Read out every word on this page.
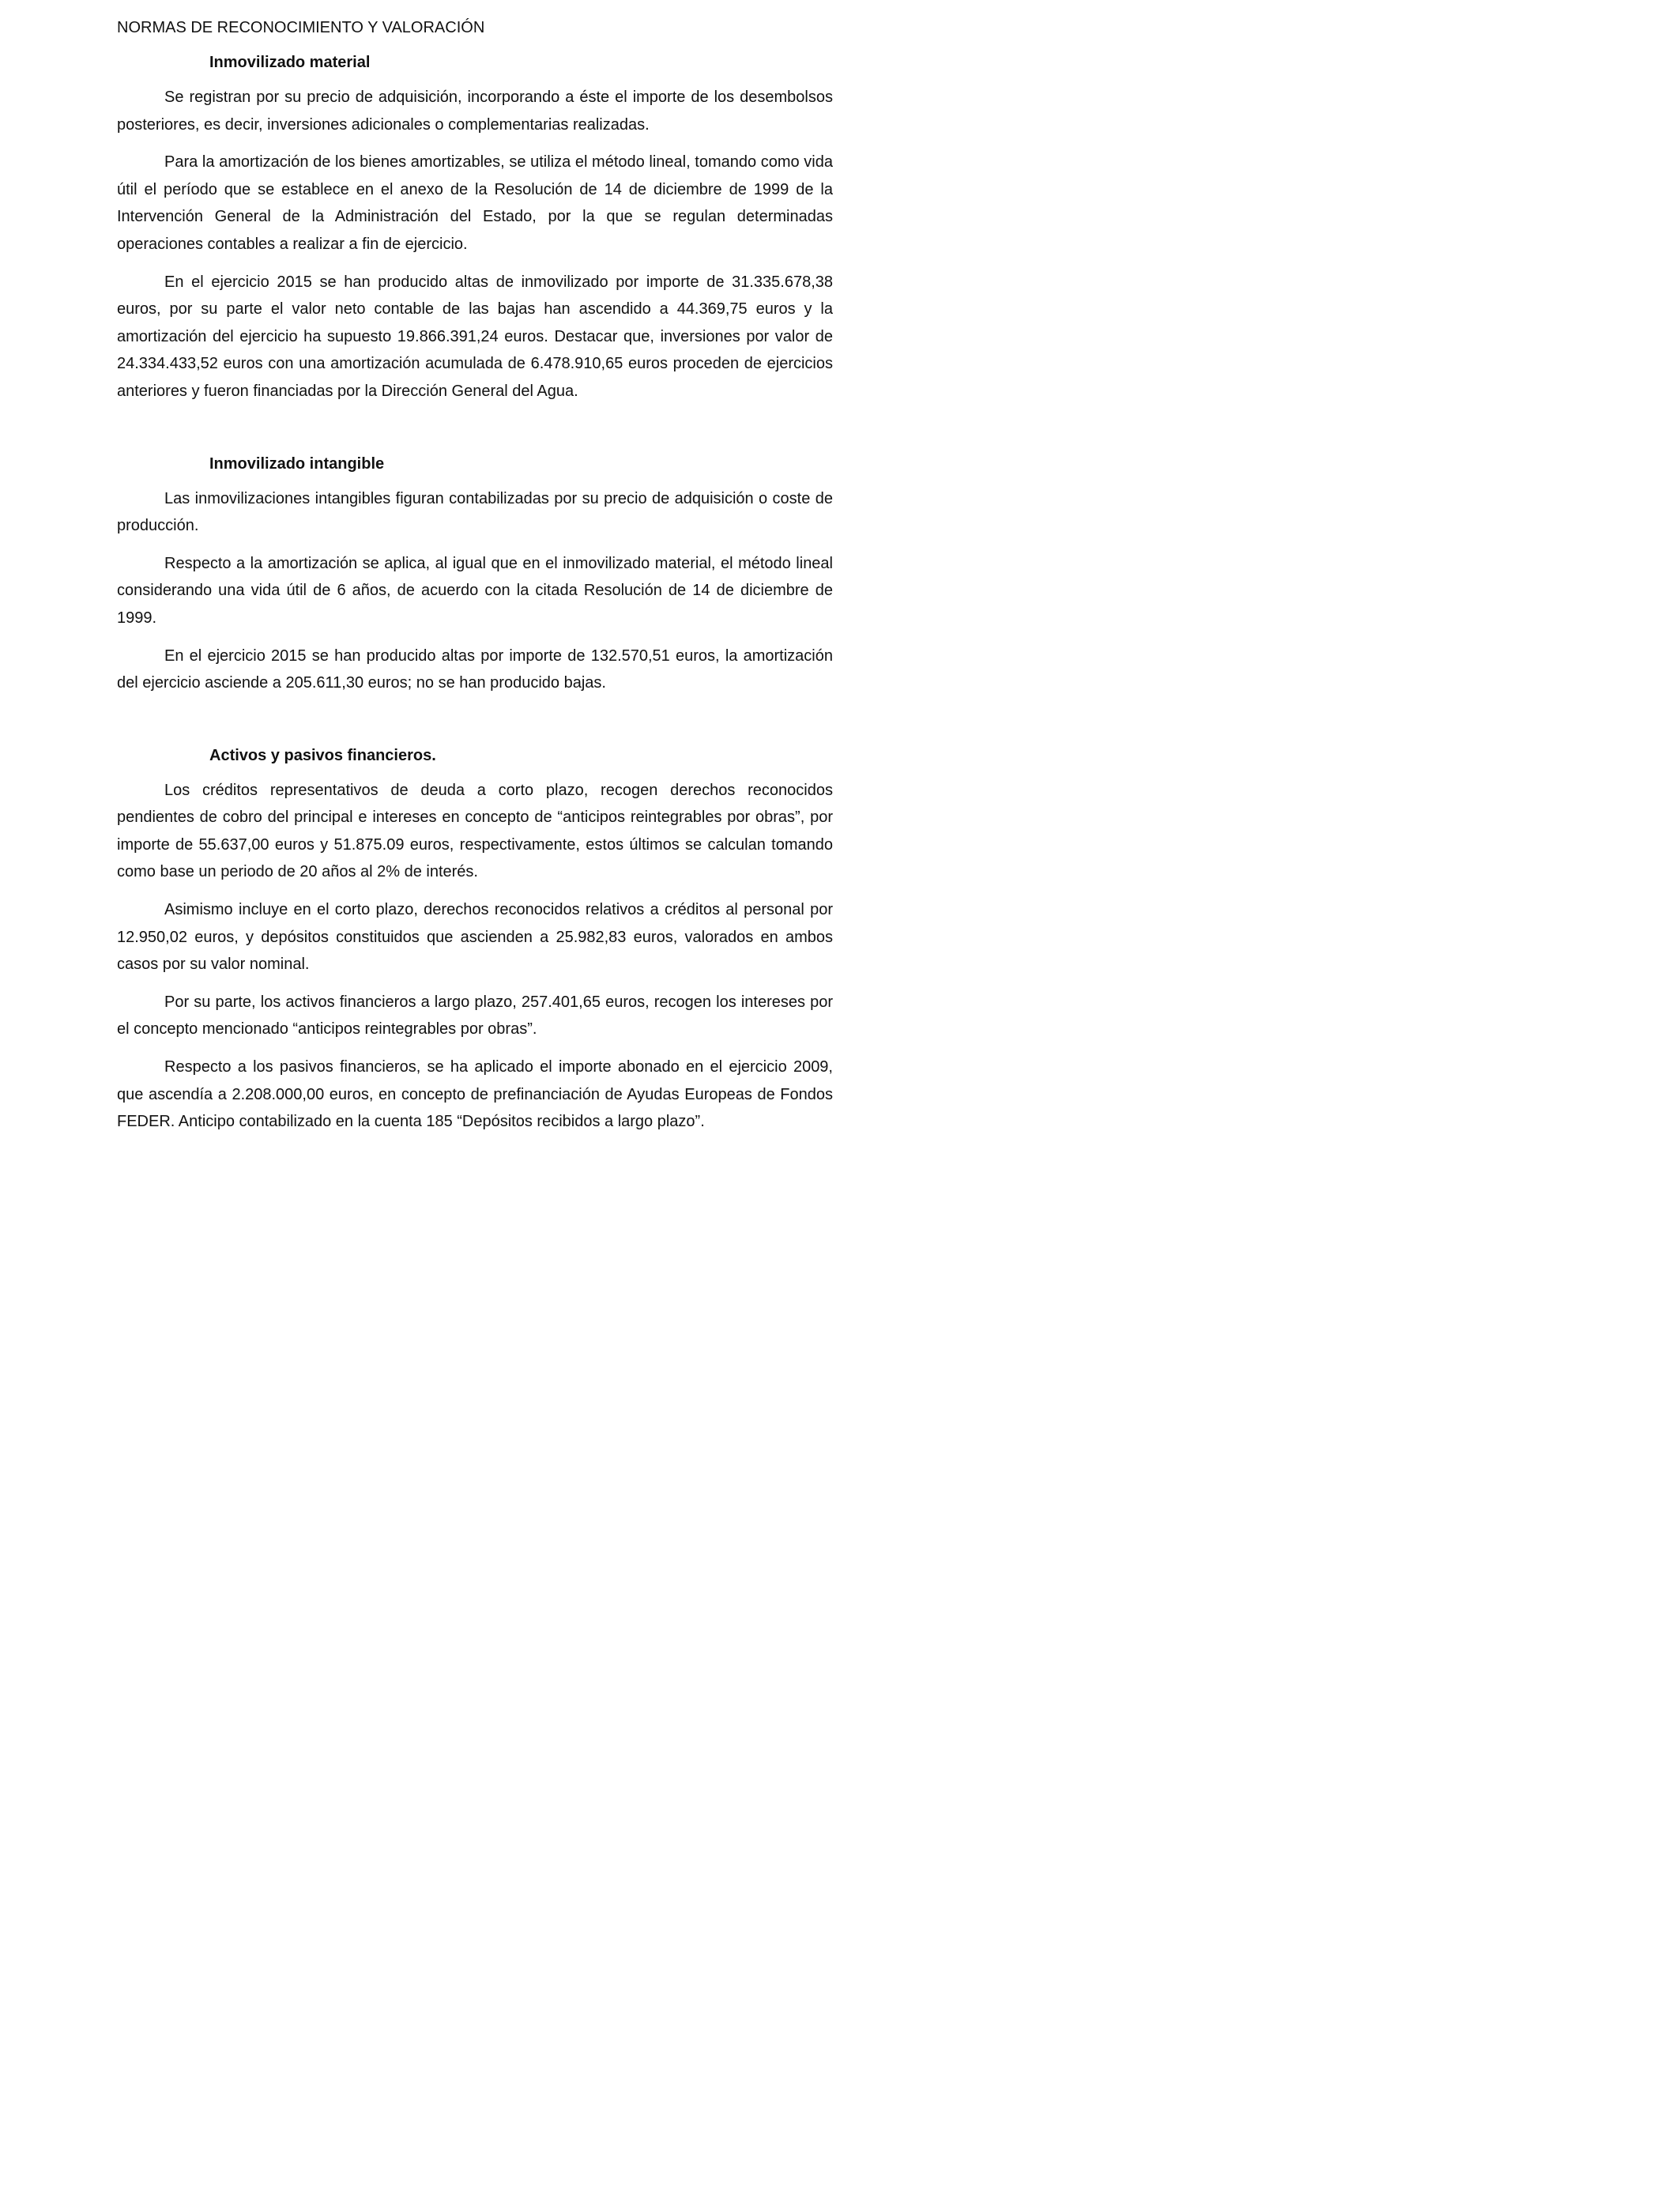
NORMAS DE RECONOCIMIENTO Y VALORACIÓN
Inmovilizado material

Se registran por su precio de adquisición, incorporando a éste el importe de los desembolsos posteriores, es decir, inversiones adicionales o complementarias realizadas.

Para la amortización de los bienes amortizables, se utiliza el método lineal, tomando como vida útil el período que se establece en el anexo de la Resolución de 14 de diciembre de 1999 de la Intervención General de la Administración del Estado, por la que se regulan determinadas operaciones contables a realizar a fin de ejercicio.

En el ejercicio 2015 se han producido altas de inmovilizado por importe de 31.335.678,38 euros, por su parte el valor neto contable de las bajas han ascendido a 44.369,75 euros y la amortización del ejercicio ha supuesto 19.866.391,24 euros. Destacar que, inversiones por valor de 24.334.433,52 euros con una amortización acumulada de 6.478.910,65 euros proceden de ejercicios anteriores y fueron financiadas por la Dirección General del Agua.

Inmovilizado intangible

Las inmovilizaciones intangibles figuran contabilizadas por su precio de adquisición o coste de producción.

Respecto a la amortización se aplica, al igual que en el inmovilizado material, el método lineal considerando una vida útil de 6 años, de acuerdo con la citada Resolución de 14 de diciembre de 1999.

En el ejercicio 2015 se han producido altas por importe de 132.570,51 euros, la amortización del ejercicio asciende a 205.611,30 euros; no se han producido bajas.

Activos y pasivos financieros.

Los créditos representativos de deuda a corto plazo, recogen derechos reconocidos pendientes de cobro del principal e intereses en concepto de “anticipos reintegrables por obras”, por importe de 55.637,00 euros y 51.875.09 euros, respectivamente, estos últimos se calculan tomando como base un periodo de 20 años al 2% de interés.

Asimismo incluye en el corto plazo, derechos reconocidos relativos a créditos al personal por 12.950,02 euros, y depósitos constituidos que ascienden a 25.982,83 euros, valorados en ambos casos por su valor nominal.

Por su parte, los activos financieros a largo plazo, 257.401,65 euros, recogen los intereses por el concepto mencionado “anticipos reintegrables por obras”.

Respecto a los pasivos financieros, se ha aplicado el importe abonado en el ejercicio 2009, que ascendía a 2.208.000,00 euros, en concepto de prefinanciación de Ayudas Europeas de Fondos FEDER. Anticipo contabilizado en la cuenta 185 “Depósitos recibidos a largo plazo”.
